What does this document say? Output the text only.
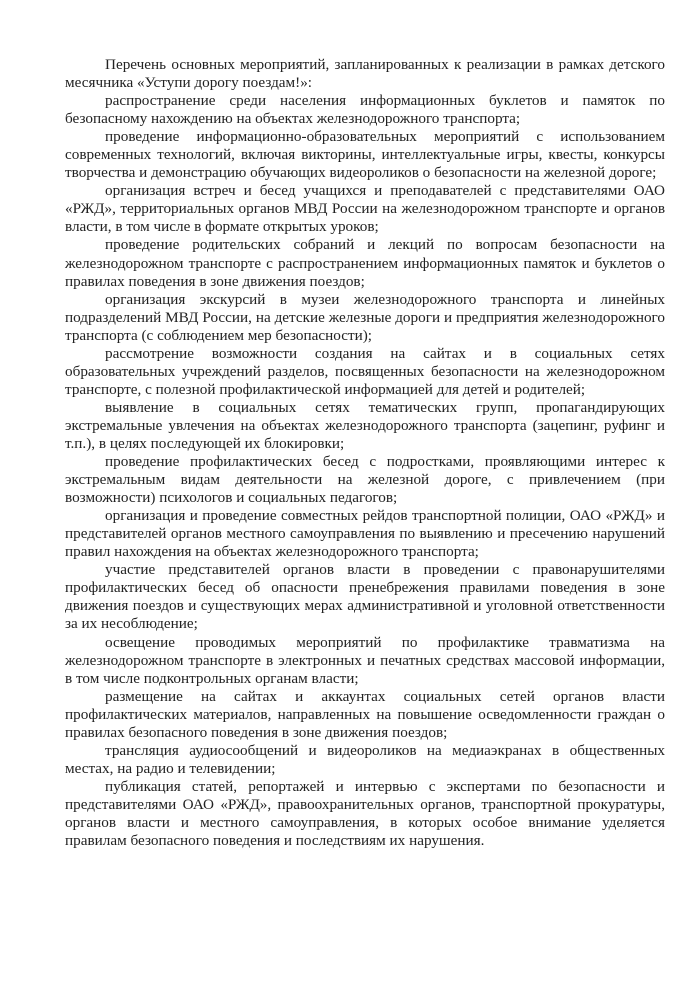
Перечень основных мероприятий, запланированных к реализации в рамках детского месячника «Уступи дорогу поездам!»:

распространение среди населения информационных буклетов и памяток по безопасному нахождению на объектах железнодорожного транспорта;

проведение информационно-образовательных мероприятий с использованием современных технологий, включая викторины, интеллектуальные игры, квесты, конкурсы творчества и демонстрацию обучающих видеороликов о безопасности на железной дороге;

организация встреч и бесед учащихся и преподавателей с представителями ОАО «РЖД», территориальных органов МВД России на железнодорожном транспорте и органов власти, в том числе в формате открытых уроков;

проведение родительских собраний и лекций по вопросам безопасности на железнодорожном транспорте с распространением информационных памяток и буклетов о правилах поведения в зоне движения поездов;

организация экскурсий в музеи железнодорожного транспорта и линейных подразделений МВД России, на детские железные дороги и предприятия железнодорожного транспорта (с соблюдением мер безопасности);

рассмотрение возможности создания на сайтах и в социальных сетях образовательных учреждений разделов, посвященных безопасности на железнодорожном транспорте, с полезной профилактической информацией для детей и родителей;

выявление в социальных сетях тематических групп, пропагандирующих экстремальные увлечения на объектах железнодорожного транспорта (зацепинг, руфинг и т.п.), в целях последующей их блокировки;

проведение профилактических бесед с подростками, проявляющими интерес к экстремальным видам деятельности на железной дороге, с привлечением (при возможности) психологов и социальных педагогов;

организация и проведение совместных рейдов транспортной полиции, ОАО «РЖД» и представителей органов местного самоуправления по выявлению и пресечению нарушений правил нахождения на объектах железнодорожного транспорта;

участие представителей органов власти в проведении с правонарушителями профилактических бесед об опасности пренебрежения правилами поведения в зоне движения поездов и существующих мерах административной и уголовной ответственности за их несоблюдение;

освещение проводимых мероприятий по профилактике травматизма на железнодорожном транспорте в электронных и печатных средствах массовой информации, в том числе подконтрольных органам власти;

размещение на сайтах и аккаунтах социальных сетей органов власти профилактических материалов, направленных на повышение осведомленности граждан о правилах безопасного поведения в зоне движения поездов;

трансляция аудиосообщений и видеороликов на медиаэкранах в общественных местах, на радио и телевидении;

публикация статей, репортажей и интервью с экспертами по безопасности и представителями ОАО «РЖД», правоохранительных органов, транспортной прокуратуры, органов власти и местного самоуправления, в которых особое внимание уделяется правилам безопасного поведения и последствиям их нарушения.
